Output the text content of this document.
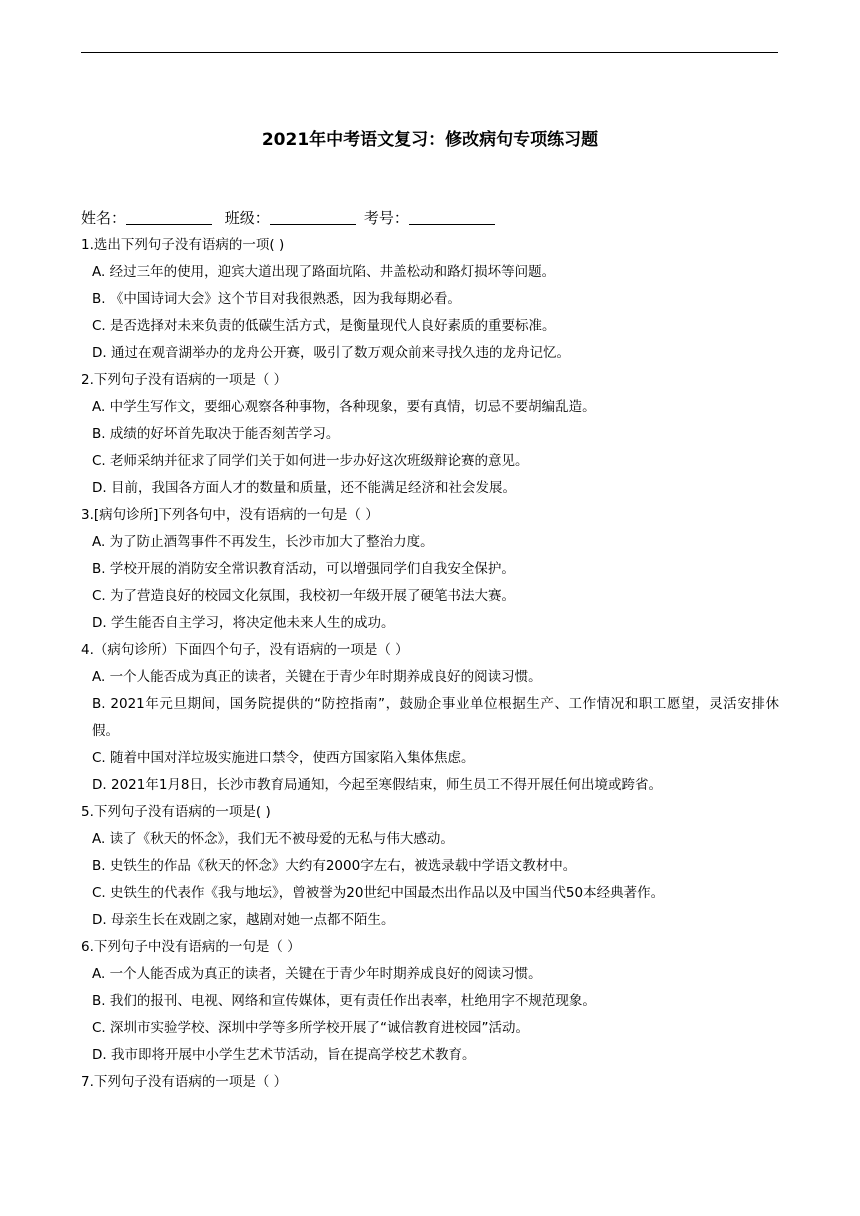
2021年中考语文复习：修改病句专项练习题
姓名：	班级：	考号：
1.选出下列句子没有语病的一项( )
A. 经过三年的使用，迎宾大道出现了路面坑陷、井盖松动和路灯损坏等问题。
B. 《中国诗词大会》这个节目对我很熟悉，因为我每期必看。
C. 是否选择对未来负责的低碳生活方式，是衡量现代人良好素质的重要标准。
D. 通过在观音湖举办的龙舟公开赛，吸引了数万观众前来寻找久违的龙舟记忆。
2.下列句子没有语病的一项是（ ）
A. 中学生写作文，要细心观察各种事物，各种现象，要有真情，切忌不要胡编乱造。
B. 成绩的好坏首先取决于能否刻苦学习。
C. 老师采纳并征求了同学们关于如何进一步办好这次班级辩论赛的意见。
D. 目前，我国各方面人才的数量和质量，还不能满足经济和社会发展。
3.[病句诊所]下列各句中，没有语病的一句是（ ）
A. 为了防止酒驾事件不再发生，长沙市加大了整治力度。
B. 学校开展的消防安全常识教育活动，可以增强同学们自我安全保护。
C. 为了营造良好的校园文化氛围，我校初一年级开展了硬笔书法大赛。
D. 学生能否自主学习，将决定他未来人生的成功。
4.（病句诊所）下面四个句子，没有语病的一项是（ ）
A. 一个人能否成为真正的读者，关键在于青少年时期养成良好的阅读习惯。
B. 2021年元旦期间，国务院提供的“防控指南”，鼓励企事业单位根据生产、工作情况和职工愿望，灵活安排休假。
C. 随着中国对洋垃圾实施进口禁令，使西方国家陷入集体焦虑。
D. 2021年1月8日，长沙市教育局通知，今起至寒假结束，师生员工不得开展任何出境或跨省。
5.下列句子没有语病的一项是( )
A. 读了《秋天的怀念》，我们无不被母爱的无私与伟大感动。
B. 史铁生的作品《秋天的怀念》大约有2000字左右，被选录载中学语文教材中。
C. 史铁生的代表作《我与地坛》，曾被誉为20世纪中国最杰出作品以及中国当代50本经典著作。
D. 母亲生长在戏剧之家，越剧对她一点都不陌生。
6.下列句子中没有语病的一句是（ ）
A. 一个人能否成为真正的读者，关键在于青少年时期养成良好的阅读习惯。
B. 我们的报刊、电视、网络和宣传媒体，更有责任作出表率，杜绝用字不规范现象。
C. 深圳市实验学校、深圳中学等多所学校开展了“诚信教育进校园”活动。
D. 我市即将开展中小学生艺术节活动，旨在提高学校艺术教育。
7.下列句子没有语病的一项是（ ）
